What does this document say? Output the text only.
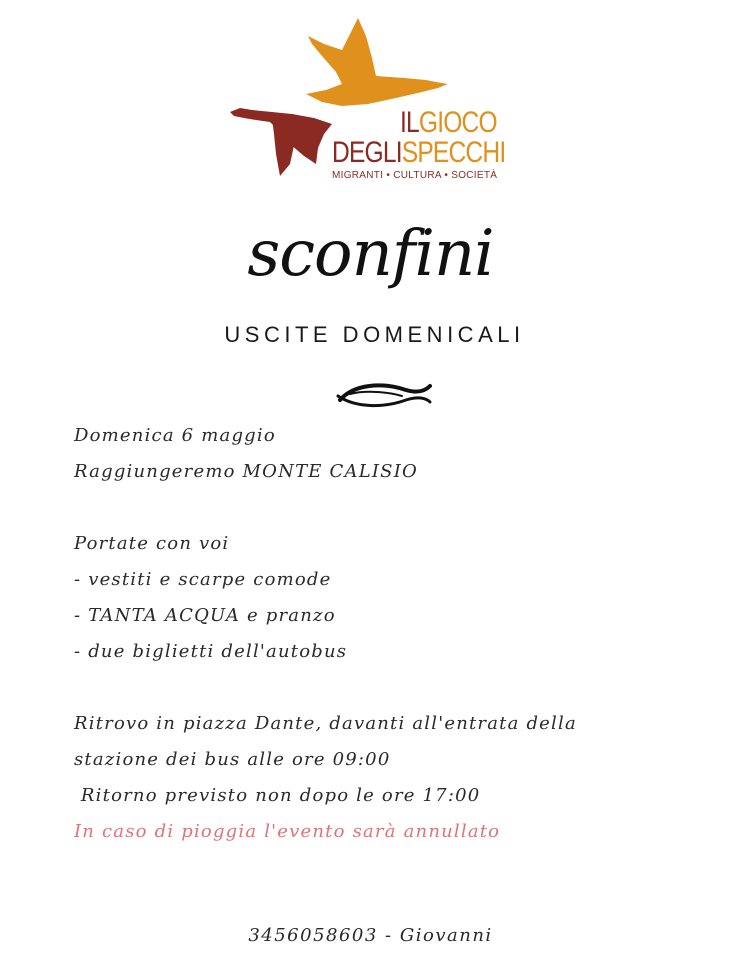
ILGIOCO
DEGLISPECCHI
MIGRANTI • CULTURA • SOCIETÀ
sconfini
USCITE DOMENICALI
Domenica 6 maggio
Raggiungeremo MONTE CALISIO
Portate con voi
- vestiti e scarpe comode
- TANTA ACQUA e pranzo
- due biglietti dell'autobus
Ritrovo in piazza Dante, davanti all'entrata della
stazione dei bus alle ore 09:00
Ritorno previsto non dopo le ore 17:00
In caso di pioggia l'evento sarà annullato
3456058603 - Giovanni
